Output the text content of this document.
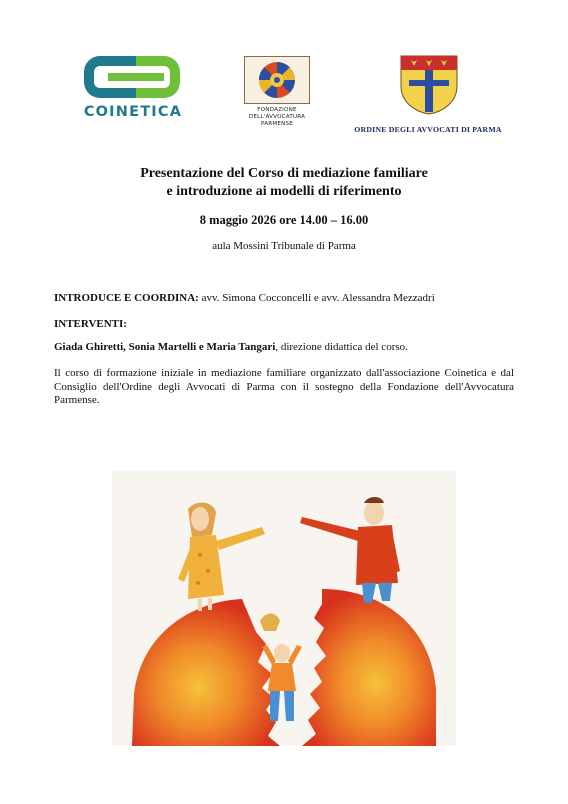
COINETICA	FONDAZIONE
DELL'AVVOCATURA
PARMENSE
ORDINE DEGLI AVVOCATI DI PARMA
Presentazione del Corso di mediazione familiare
e introduzione ai modelli di riferimento
8 maggio 2026 ore 14.00 – 16.00
aula Mossini Tribunale di Parma
INTRODUCE E COORDINA: avv. Simona Cocconcelli e avv. Alessandra Mezzadri
INTERVENTI:
Giada Ghiretti, Sonia Martelli e Maria Tangari, direzione didattica del corso.
Il corso di formazione iniziale in mediazione familiare organizzato dall'associazione Coinetica e dal Consiglio dell'Ordine degli Avvocati di Parma con il sostegno della Fondazione dell'Avvocatura Parmense.
